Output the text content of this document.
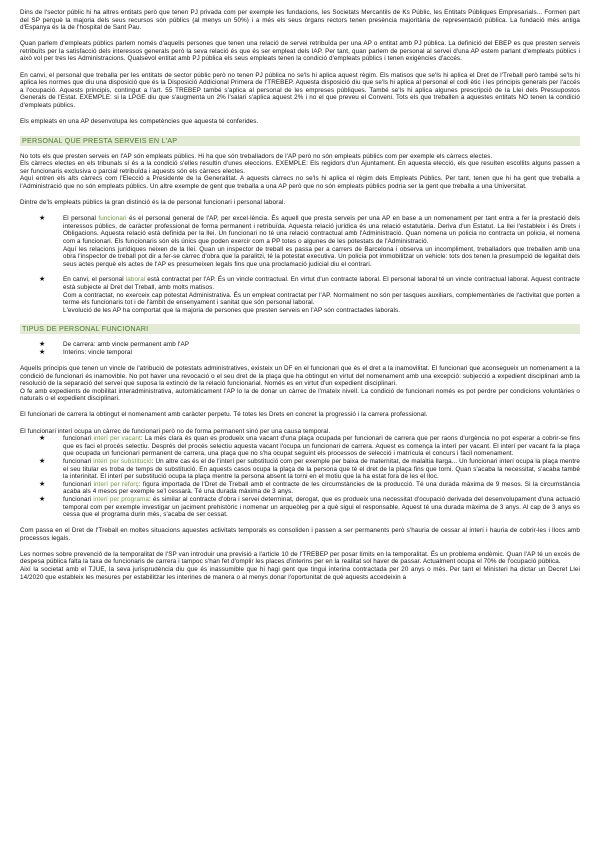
Dins de l'sector públic hi ha altres entitats però que tenen PJ privada com per exemple les fundacions, les Societats Mercantils de Ks Públic, les Entitats Públiques Empresarials... Formen part del SP perquè la majoria dels seus recursos són públics (al menys un 50%) i a més els seus òrgans rectors tenen presència majoritària de representació pública. La fundació més antiga d'Espanya és la de l'hospital de Sant Pau.

Quan parlem d'empleats públics parlem només d'aquells persones que tenen una relació de servei retribuïda per una AP o entitat amb PJ pública. La definició del EBEP es que presten serveis retribuïts per la satisfacció dels interessos generals però la seva relació és que és ser empleat dels IAP. Per tant, quan parlem de personal al servei d'una AP estem parlant d'empleats públics i això vol per tres les Administracions. Qualsevol entitat amb PJ pública els seus empleats tenen la condició d'empleats públics i tenen exigències d'accés.

En canvi, el personal que treballa per les entitats de sector públic però no tenen PJ pública no se'ls hi aplica aquest règim. Els matisos que se'ls hi aplica el Dret de l'Treball però també se'ls hi aplica les normes que diu una disposició que és la Disposició Addicional Primera de l'TREBEP. Aquesta disposició diu que se'ls hi aplica al personal el codi ètic i les principis generals per l'accés a l'ocupació. Aquests principis, contingut a l'art. 55 TREBEP també s'aplica al personal de les empreses públiques. També se'ls hi aplica algunes prescripció de la Llei dels Pressupostos Generals de l'Estat. EXEMPLE: si la LPGE diu que s'augmenta un 2% l'salari s'aplica aquest 2% i no el que preveu el Conveni. Tots els que treballen a aquestes entitats NO tenen la condició d'empleats públics.

Els empleats en una AP desenvolupa les competències que aquesta té conferides.

PERSONAL QUE PRESTA SERVEIS EN L'AP

No tots els que presten serveis en l'AP són empleats públics. Hi ha que són treballadors de l'AP però no són empleats públics com per exemple els càrrecs electes.

Els càrrecs electes en els tribunals sí és a la condició s'elles resultin d'unes eleccions. EXEMPLE: Els regidors d'un Ajuntament. En aquesta elecció, els que resulten escollits alguns passen a ser funcionaris exclusiva o parcial retribuïda i aquests són els càrrecs electes.

Aquí entren els alts càrrecs com l'Elecció a Presidente de la Generalitat. A aquests càrrecs no se'ls hi aplica el règim dels Empleats Públics. Per tant, tenen que hi ha gent que treballa a l'Administració que no són empleats públics. Un altre exemple de gent que treballa a una AP però que no són empleats públics podria ser la gent que treballa a una Universitat.

Dintre de'ls empleats públics la gran distinció és la de personal funcionari i personal laboral.

★	El personal funcionari és el personal general de l'AP, per excel·lència. És aquell que presta serveis per una AP en base a un nomenament per tant entra a fer la prestació dels interessos públics, de caràcter professional de forma permanent i retribuïda. Aquesta relació jurídica és una relació estatutària. Deriva d'un Estatut. La llei l'estableix i és Drets i Obligacions. Aquesta relació està definida per la llei. Un funcionari no té una relació contractual amb l'Administració. Quan nomena un policia no contracta un policia, el nomena com a funcionari. Els funcionaris són els únics que poden exercir com a PP totes o algunes de les potestats de l'Administració.

Aquí les relacions jurídiques neixen de la llei. Quan un inspector de treball es passa per a carrers de Barcelona i observa un incompliment, treballadors que treballen amb una obra l'inspector de treball pot dir a fer-se càrrec d'obra que la paralitzi, té la potestat executiva. Un policia pot immobilitzar un vehicle: tots dos tenen la presumpció de legalitat dels seus actes perquè els actes de l'AP es presumeixen legals fins que una proclamació judicial diu el contrari.

★	En canvi, el personal laboral està contractat per l'AP. És un vincle contractual. En virtut d'un contracte laboral. El personal laboral té un vincle contractual laboral. Aquest contracte està subjecte al Dret del Treball, amb molts matisos.

Com a contractat, no exerceix cap potestat Administrativa. És un empleat contractat per l'AP. Normalment no són per tasques auxiliars, complementàries de l'activitat que porten a terme els funcionaris tot i de l'àmbit de ensenyament i sanitat que són personal laboral.

L'evolució de les AP ha comportat que la majoria de persones que presten serveis en l'AP són contractades laborals.

TIPUS DE PERSONAL FUNCIONARI
★	De carrera: amb vincle permanent amb l'AP

★	Interins: vincle temporal

Aquells principis que tenen un vincle de l'atribució de potestats administratives, existeix un DF en el funcionari que és el dret a la inamovilitat. El funcionari que aconsegueix un nomenament a la condició de funcionari és inamovible. No pot haver una revocació o el seu dret de la plaça que ha obtingut en virtut del nomenament amb una excepció: subjecció a expedient disciplinari amb la resolució de la separació del servei que suposa la extinció de la relació funcionarial. Només es en virtut d'un expedient disciplinari.

O fe amb expedients de mobilitat interadministrativa, automàticament l'AP lo la de donar un càrrec de l'mateix nivell. La condició de funcionari només es pot perdre per condicions voluntàries o naturals o el expedient disciplinari.

El funcionari de carrera la obtingut el nomenament amb caràcter perpetu. Té totes les Drets en concret la progressió i la carrera professional.

El funcionari interí ocupa un càrrec de funcionari però no de forma permanent sinó per una causa temporal.

★	funcionari interí per vacant: La més clara és quan es produeix una vacant d'una plaça ocupada per funcionari de carrera que per raons d'urgència no pot esperar a cobrir-se fins que es faci el procés selectiu. Després del procés selectiu aquesta vacant l'ocupa un funcionari de carrera. Aquest es comença la interí per vacant. El interí per vacant fa la plaça que ocupada un funcionari permanent de carrera, una plaça que no s'ha ocupat seguint els processos de selecció i matrícula el concurs i fàcil nomenament.

★	funcionari interí per substitució: Un altre cas és el de l'interí per substitució com per exemple per baixa de maternitat, de malaltia llarga... Un funcionari interí ocupa la plaça mentre el seu titular es troba de temps de substitució. En aquests casos ocupa la plaça de la persona que té el dret de la plaça fins que torni. Quan s'acaba la necessitat, s'acaba també la interinitat. El interí per substitució ocupa la plaça mentre la persona absent la torni en el motiu que la ha estat fora de les el lloc.

★	funcionari interí per reforç: figura importada de l'Dret de Treball amb el contracte de les circumstàncies de la producció. Té una durada màxima de 9 mesos. Si la circumstància acaba als 4 mesos per exemple se'l cessarà. Té una durada màxima de 3 anys.

★	funcionari interí per programa: és similar al contracte d'obra i servei determinat, derogat, que es produeix una necessitat d'ocupació derivada del desenvolupament d'una actuació temporal com per exemple investigar un jaciment prehistòric i nomenar un arqueòleg per a què sigui el responsable. Aquest té una durada màxima de 3 anys. Al cap de 3 anys es cessa que el programa durin més, s'acaba de ser cessat.

Com passa en el Dret de l'Treball en moltes situacions aquestes activitats temporals es consoliden i passen a ser permanents però s'hauria de cessar al interí i hauria de cobrir-les i llocs amb processos legals.

Les normes sobre prevenció de la temporalitat de l'SP van introduir una previsió a l'article 10 de l'TREBEP per posar límits en la temporalitat. És un problema endèmic. Quan l'AP té un excés de despesa pública falta la taxa de funcionaris de carrera i tampoc s'han fet d'omplir les places d'interins per en la realitat sol haver de passar. Actualment ocupa el 70% de l'ocupació pública.

Així la societat amb el TJUE, la seva jurisprudència diu que és inassumible que hi hagi gent que tingui interina contractada per 20 anys o més. Per tant el Ministeri ha dictar un Decret Llei 14/2020 que estableix les mesures per estabilitzar les interines de manera o al menys donar l'oportunitat de què aquests accedeixin a
